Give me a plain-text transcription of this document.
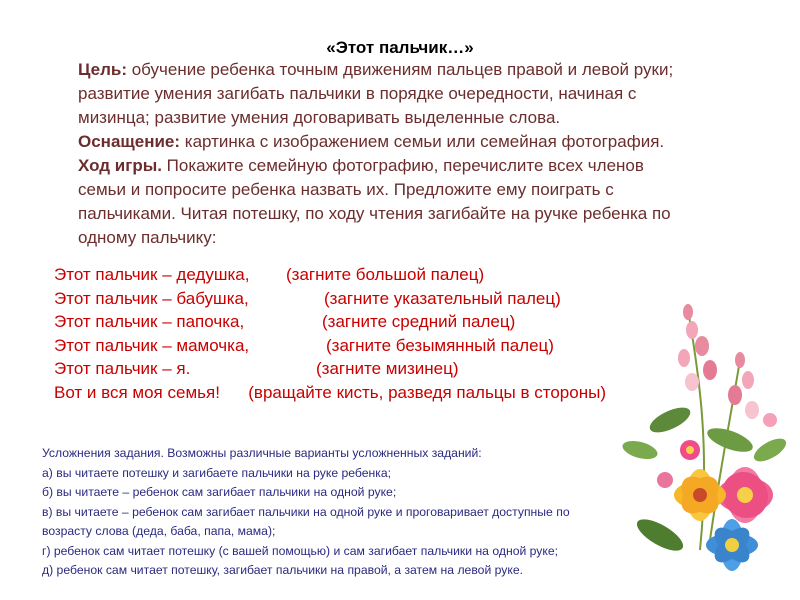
«Этот пальчик…»
Цель: обучение ребенка точным движениям пальцев правой и левой руки; развитие умения загибать пальчики в порядке очередности, начиная с мизинца; развитие умения договаривать выделенные слова.
Оснащение: картинка с изображением семьи или семейная фотография.
Ход игры. Покажите семейную фотографию, перечислите всех членов семьи и попросите ребенка назвать их. Предложите ему поиграть с пальчиками. Читая потешку, по ходу чтения загибайте на ручке ребенка по одному пальчику:
Этот пальчик – дедушка, (загните большой палец)
Этот пальчик – бабушка,	(загните указательный палец)
Этот пальчик – папочка,	(загните средний палец)
Этот пальчик – мамочка,	(загните безымянный палец)
Этот пальчик – я.	(загните мизинец)
Вот и вся моя семья! (вращайте кисть, разведя пальцы в стороны)
Усложнения задания. Возможны различные варианты усложненных заданий:
а) вы читаете потешку и загибаете пальчики на руке ребенка;
б) вы читаете – ребенок сам загибает пальчики на одной руке;
в) вы читаете – ребенок сам загибает пальчики на одной руке и проговаривает доступные по
возрасту слова (деда, баба, папа, мама);
г) ребенок сам читает потешку (с вашей помощью) и сам загибает пальчики на одной руке;
д) ребенок сам читает потешку, загибает пальчики на правой, а затем на левой руке.
